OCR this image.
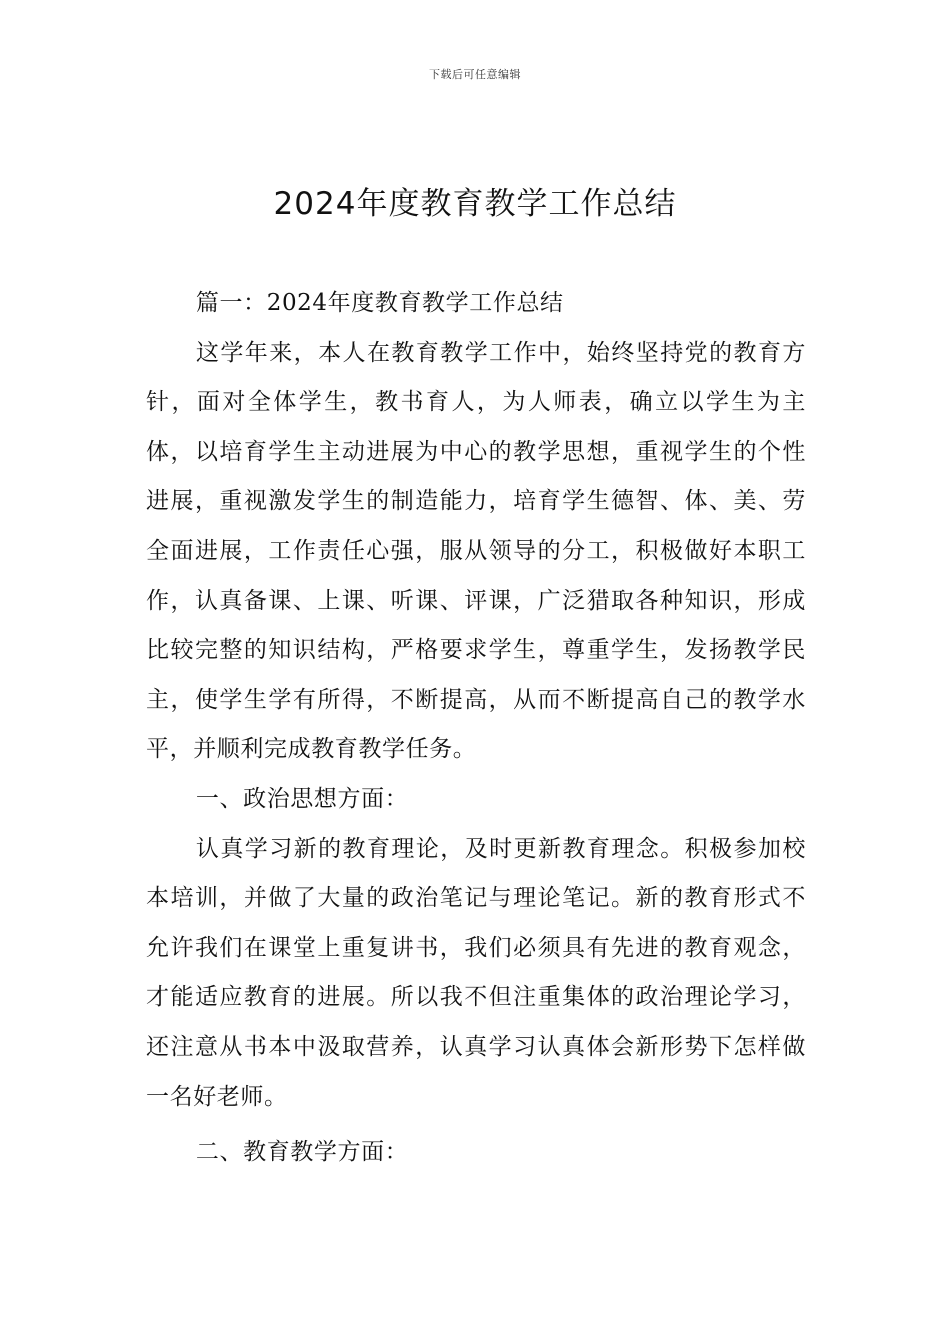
下载后可任意编辑
2024年度教育教学工作总结

篇一：2024年度教育教学工作总结

这学年来，本人在教育教学工作中，始终坚持党的教育方针，面对全体学生，教书育人，为人师表，确立以学生为主体，以培育学生主动进展为中心的教学思想，重视学生的个性进展，重视激发学生的制造能力，培育学生德智、体、美、劳全面进展，工作责任心强，服从领导的分工，积极做好本职工作，认真备课、上课、听课、评课，广泛猎取各种知识，形成比较完整的知识结构，严格要求学生，尊重学生，发扬教学民主，使学生学有所得，不断提高，从而不断提高自己的教学水平，并顺利完成教育教学任务。

一、政治思想方面：

认真学习新的教育理论，及时更新教育理念。积极参加校本培训，并做了大量的政治笔记与理论笔记。新的教育形式不允许我们在课堂上重复讲书，我们必须具有先进的教育观念，才能适应教育的进展。所以我不但注重集体的政治理论学习，还注意从书本中汲取营养，认真学习认真体会新形势下怎样做一名好老师。

二、教育教学方面：
